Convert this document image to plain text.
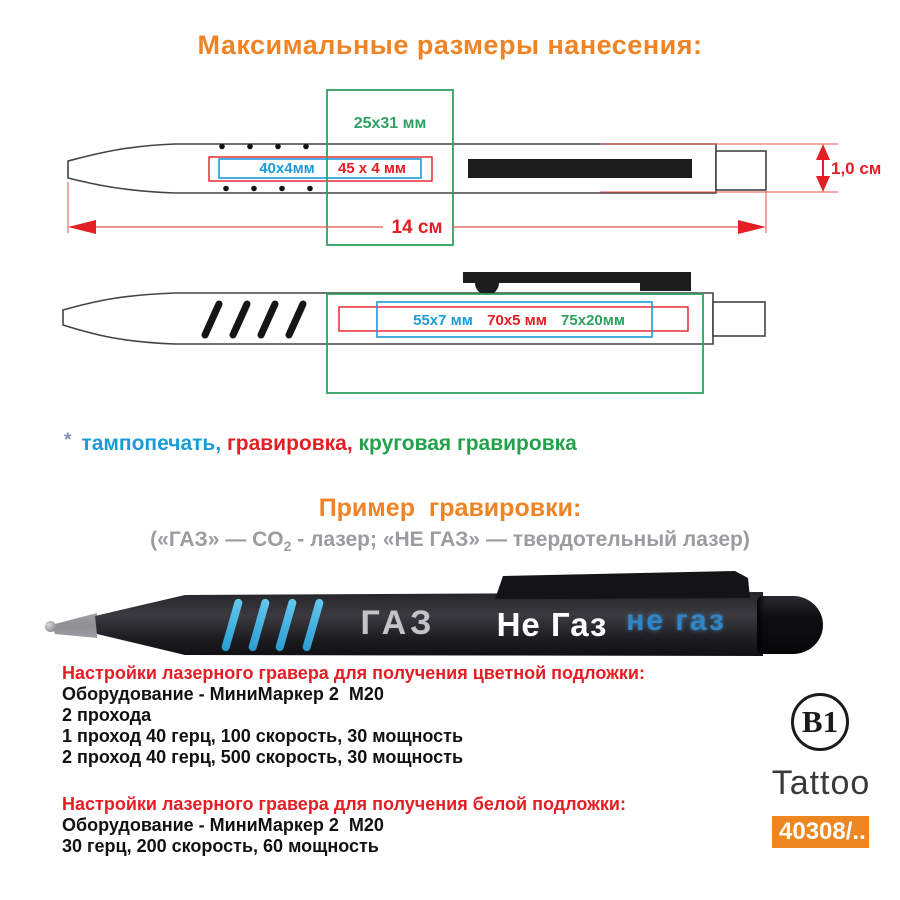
Максимальные размеры нанесения:
25x31 мм
40x4мм 45 x 4 мм	1,0 см
14 см
55x7 мм 70x5 мм 75x20мм
* тампопечать, гравировка, круговая гравировка
Пример  гравировки:
(«ГАЗ» — $CO_2$ - лазер; «НЕ ГАЗ» — твердотельный лазер)
ГАЗ Не Газ не газ
Настройки лазерного гравера для получения цветной подложки:
Оборудование - МиниМаркер 2  М20
2 прохода
1 проход 40 герц, 100 скорость, 30 мощность
2 проход 40 герц, 500 скорость, 30 мощность
Настройки лазерного гравера для получения белой подложки:
Оборудование - МиниМаркер 2  М20
30 герц, 200 скорость, 60 мощность
B1
Tattoo
40308/..
